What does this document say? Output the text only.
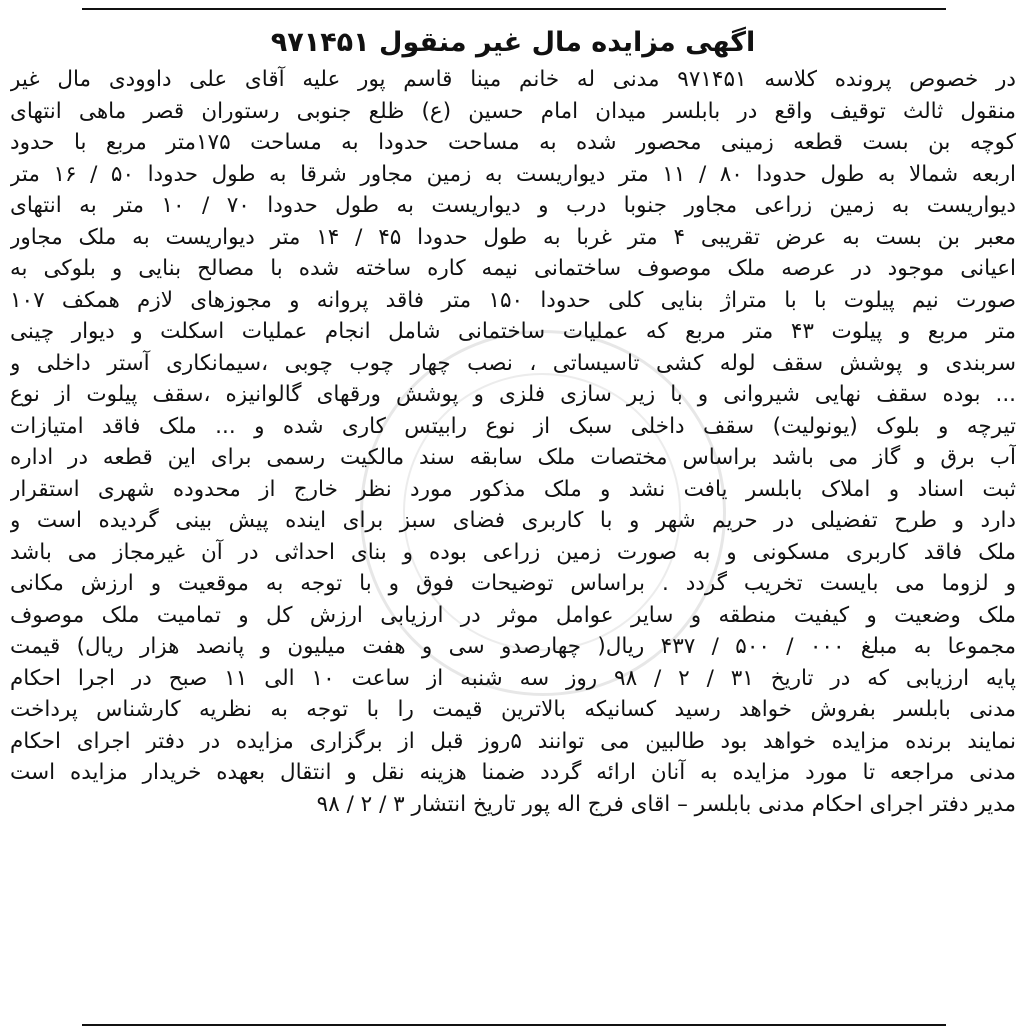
اگهی مزایده مال غیر منقول ۹۷۱۴۵۱
در خصوص پرونده کلاسه ۹۷۱۴۵۱ مدنی له خانم مینا قاسم پور علیه آقای علی داوودی مال غیر
منقول ثالث توقیف واقع در بابلسر میدان امام حسین (ع) ظلع جنوبی رستوران قصر ماهی انتهای
کوچه بن بست قطعه زمینی محصور شده به مساحت حدودا به مساحت ۱۷۵متر مربع با حدود
اربعه شمالا به طول حدودا ۸۰ / ۱۱ متر دیواریست به زمین مجاور شرقا به طول حدودا ۵۰ / ۱۶ متر
دیواریست به زمین زراعی مجاور جنوبا درب و دیواریست به طول حدودا ۷۰ / ۱۰ متر به انتهای
معبر بن بست به عرض تقریبی ۴ متر غربا به طول حدودا ۴۵ / ۱۴ متر دیواریست به ملک مجاور
اعیانی موجود در عرصه ملک موصوف ساختمانی نیمه کاره ساخته شده با مصالح بنایی و بلوکی به
صورت نیم پیلوت با با متراژ بنایی کلی حدودا ۱۵۰ متر فاقد پروانه و مجوزهای لازم همکف ۱۰۷
متر مربع و پیلوت ۴۳ متر مربع که عملیات ساختمانی شامل انجام عملیات اسکلت و دیوار چینی
سربندی و پوشش سقف لوله کشی تاسیساتی ، نصب چهار چوب چوبی ،سیمانکاری آستر داخلی و
... بوده سقف نهایی شیروانی و با زیر سازی فلزی و پوشش ورقهای گالوانیزه ،سقف پیلوت از نوع
تیرچه و بلوک (یونولیت) سقف داخلی سبک از نوع رابیتس کاری شده و ... ملک فاقد امتیازات
آب برق و گاز می باشد براساس مختصات ملک سابقه سند مالکیت رسمی برای این قطعه در اداره
ثبت اسناد و املاک بابلسر یافت نشد و ملک مذکور مورد نظر خارج از محدوده شهری استقرار
دارد و طرح تفضیلی در حریم شهر و با کاربری فضای سبز برای اینده پیش بینی گردیده است و
ملک فاقد کاربری مسکونی و به صورت زمین زراعی بوده و بنای احداثی در آن غیرمجاز می باشد
و لزوما می بایست تخریب گردد . براساس توضیحات فوق و با توجه به موقعیت و ارزش مکانی
ملک وضعیت و کیفیت منطقه و سایر عوامل موثر در ارزیابی ارزش کل و تمامیت ملک موصوف
مجموعا به مبلغ ۰۰۰ / ۵۰۰ / ۴۳۷ ریال( چهارصدو سی و هفت میلیون و پانصد هزار ریال) قیمت
پایه ارزیابی که در تاریخ ۳۱ / ۲ / ۹۸ روز سه شنبه از ساعت ۱۰ الی ۱۱ صبح در اجرا احکام
مدنی بابلسر بفروش خواهد رسید کسانیکه بالاترین قیمت را با توجه به نظریه کارشناس پرداخت
نمایند برنده مزایده خواهد بود طالبین می توانند ۵روز قبل از برگزاری مزایده در دفتر اجرای احکام
مدنی مراجعه تا مورد مزایده به آنان ارائه گردد ضمنا هزینه نقل و انتقال بعهده خریدار مزایده است
مدیر دفتر اجرای احکام مدنی بابلسر – اقای فرج اله پور تاریخ انتشار ۳ / ۲ / ۹۸
